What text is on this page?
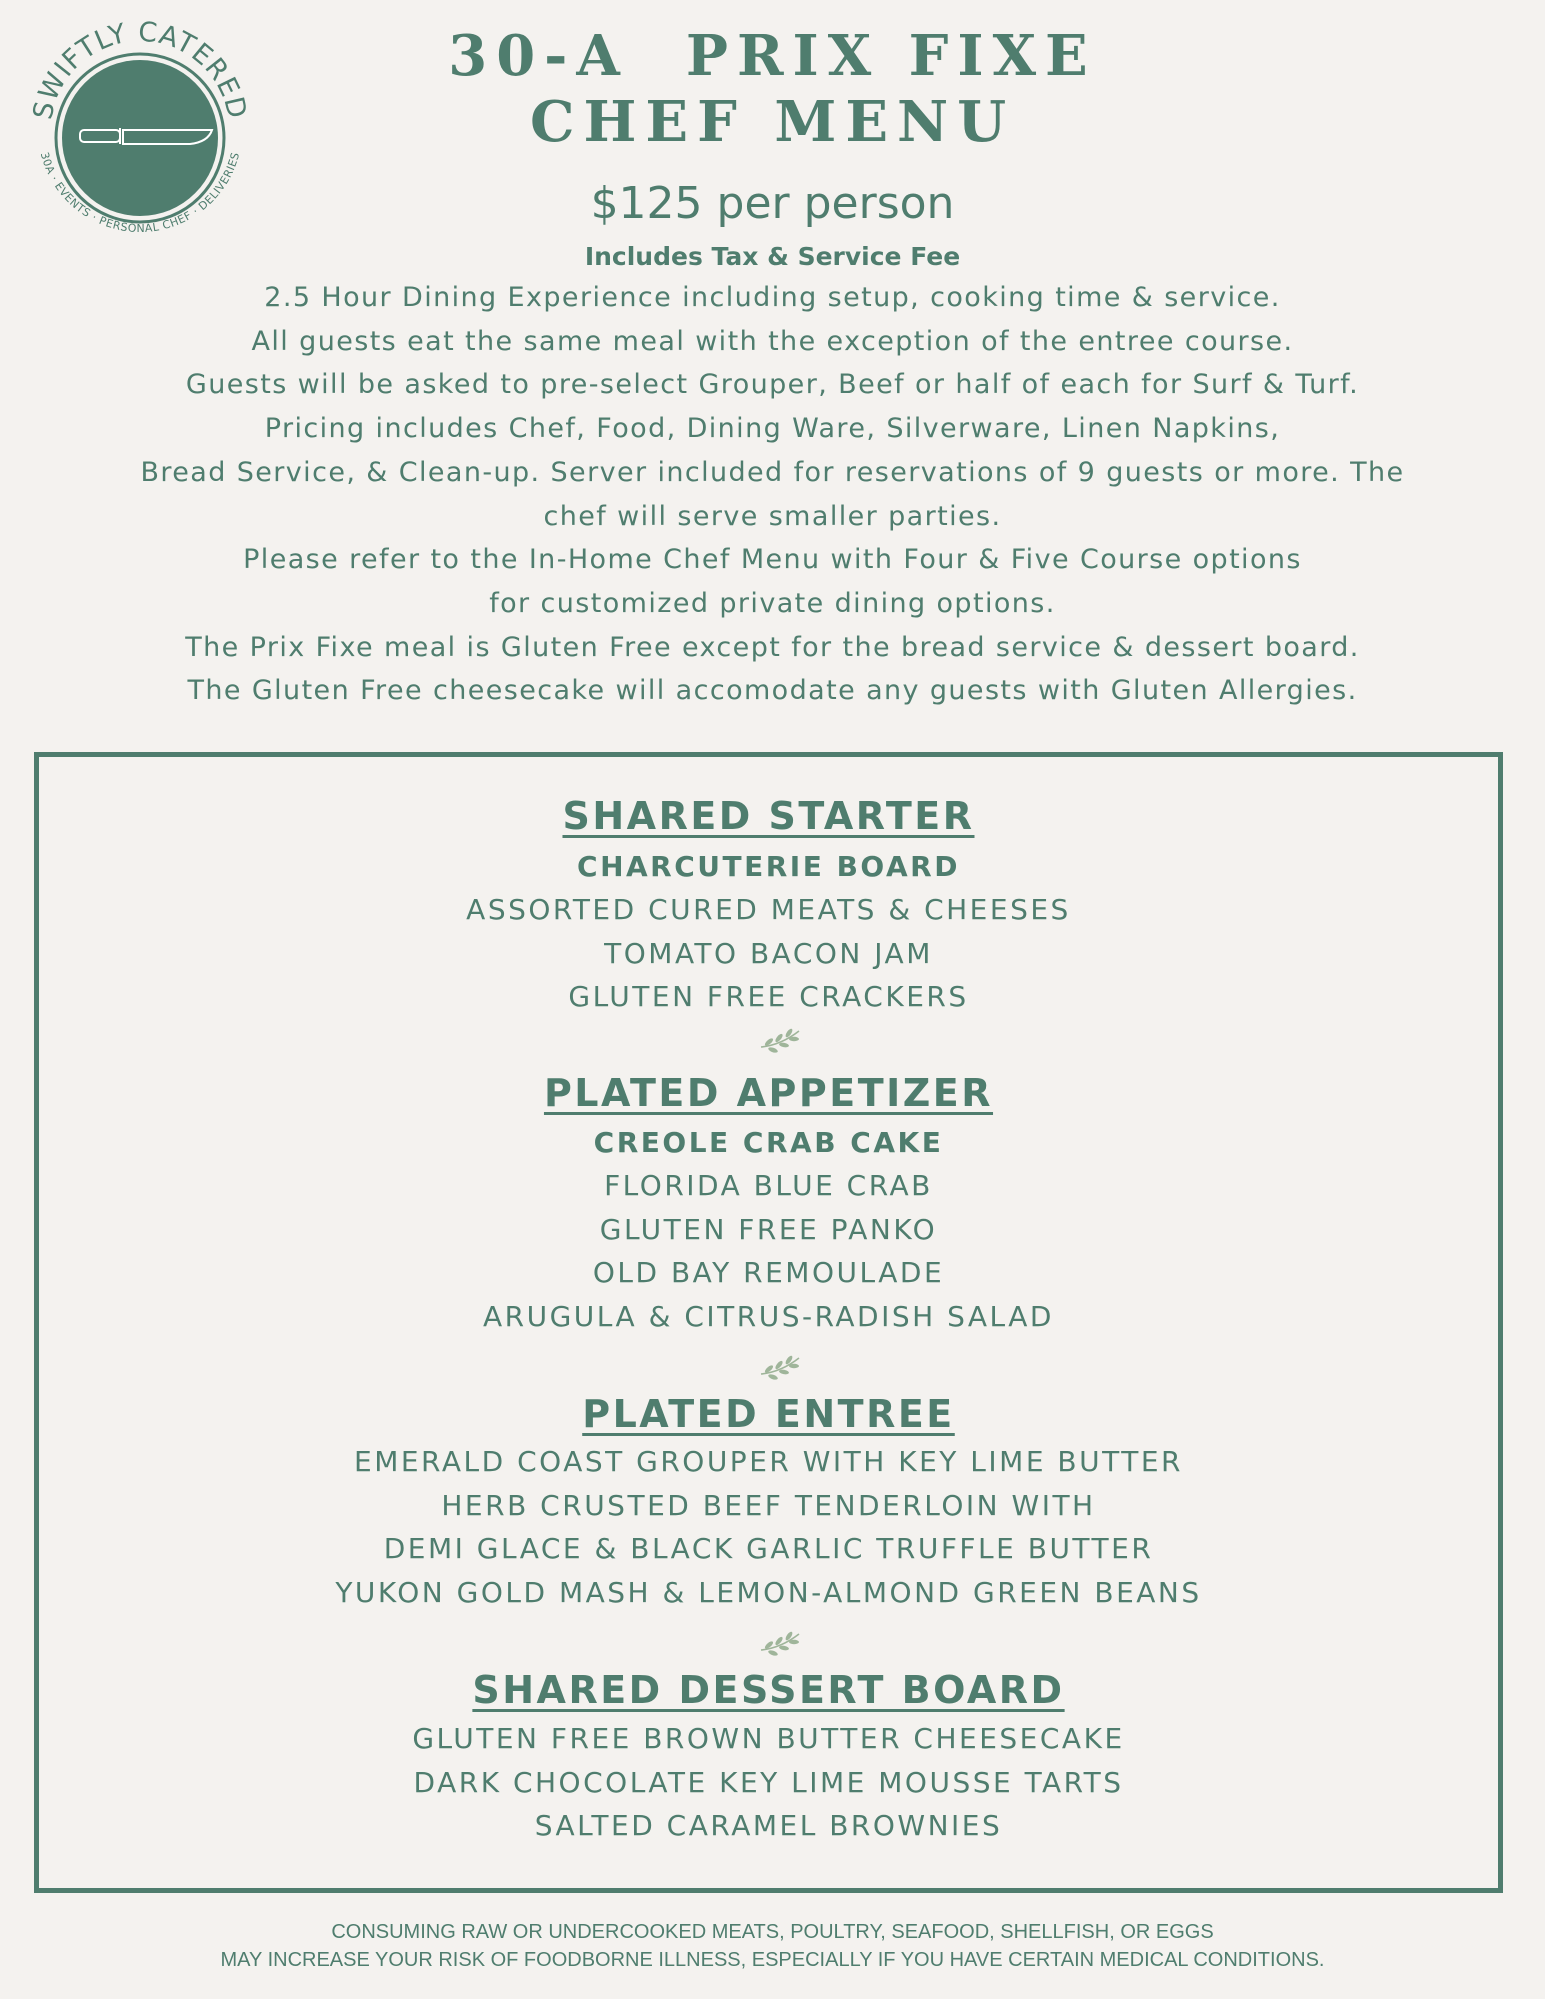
SWIFTLY CATERED
30A · EVENTS · PERSONAL CHEF · DELIVERIES
30-A  PRIX FIXE
CHEF MENU
$125 per person
Includes Tax & Service Fee
2.5 Hour Dining Experience including setup, cooking time & service.
All guests eat the same meal with the exception of the entree course.
Guests will be asked to pre-select Grouper, Beef or half of each for Surf & Turf.
Pricing includes Chef, Food, Dining Ware, Silverware, Linen Napkins,
Bread Service, & Clean-up. Server included for reservations of 9 guests or more. The
chef will serve smaller parties.
Please refer to the In-Home Chef Menu with Four & Five Course options
for customized private dining options.
The Prix Fixe meal is Gluten Free except for the bread service & dessert board.
The Gluten Free cheesecake will accomodate any guests with Gluten Allergies.
SHARED STARTER
CHARCUTERIE BOARD
ASSORTED CURED MEATS & CHEESES
TOMATO BACON JAM
GLUTEN FREE CRACKERS
PLATED APPETIZER
CREOLE CRAB CAKE
FLORIDA BLUE CRAB
GLUTEN FREE PANKO
OLD BAY REMOULADE
ARUGULA & CITRUS-RADISH SALAD
PLATED ENTREE
EMERALD COAST GROUPER WITH KEY LIME BUTTER
HERB CRUSTED BEEF TENDERLOIN WITH
DEMI GLACE & BLACK GARLIC TRUFFLE BUTTER
YUKON GOLD MASH & LEMON-ALMOND GREEN BEANS
SHARED DESSERT BOARD
GLUTEN FREE BROWN BUTTER CHEESECAKE
DARK CHOCOLATE KEY LIME MOUSSE TARTS
SALTED CARAMEL BROWNIES
CONSUMING RAW OR UNDERCOOKED MEATS, POULTRY, SEAFOOD, SHELLFISH, OR EGGS
MAY INCREASE YOUR RISK OF FOODBORNE ILLNESS, ESPECIALLY IF YOU HAVE CERTAIN MEDICAL CONDITIONS.
